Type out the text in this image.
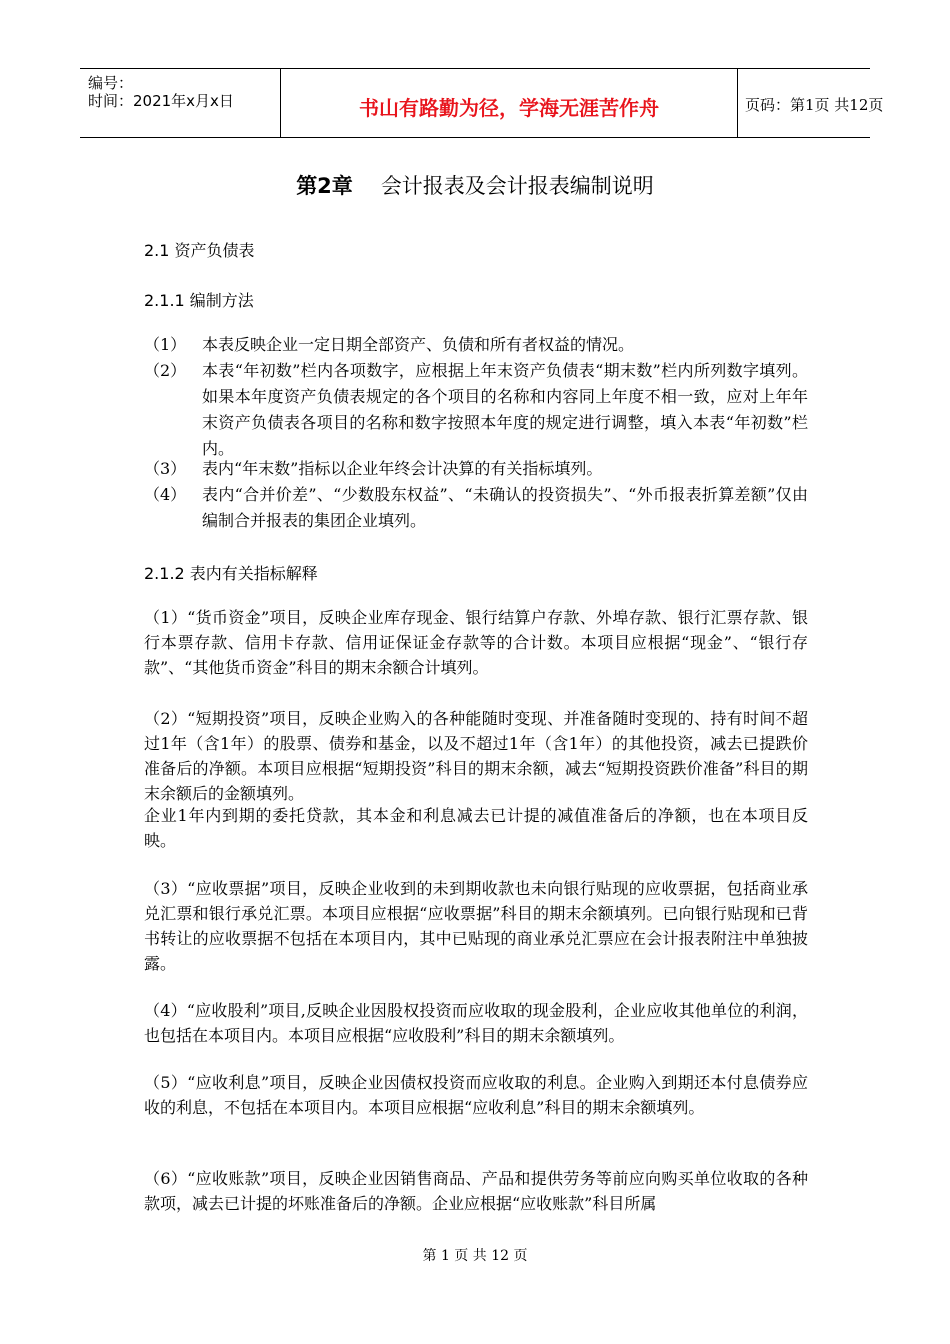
编号：
时间：2021年x月x日	书山有路勤为径，学海无涯苦作舟	页码：第1页 共12页
第2章 会计报表及会计报表编制说明
2.1 资产负债表
2.1.1 编制方法
（1） 本表反映企业一定日期全部资产、负债和所有者权益的情况。
（2） 本表“年初数”栏内各项数字，应根据上年末资产负债表“期末数”栏内所列数字填列。如果本年度资产负债表规定的各个项目的名称和内容同上年度不相一致，应对上年年末资产负债表各项目的名称和数字按照本年度的规定进行调整，填入本表“年初数”栏内。
（3） 表内“年末数”指标以企业年终会计决算的有关指标填列。
（4） 表内“合并价差”、“少数股东权益”、“未确认的投资损失”、“外币报表折算差额”仅由编制合并报表的集团企业填列。
2.1.2 表内有关指标解释
（1）“货币资金”项目，反映企业库存现金、银行结算户存款、外埠存款、银行汇票存款、银行本票存款、信用卡存款、信用证保证金存款等的合计数。本项目应根据“现金”、“银行存款”、“其他货币资金”科目的期末余额合计填列。
（2）“短期投资”项目，反映企业购入的各种能随时变现、并准备随时变现的、持有时间不超过1年（含1年）的股票、债券和基金，以及不超过1年（含1年）的其他投资，减去已提跌价准备后的净额。本项目应根据“短期投资”科目的期末余额，减去“短期投资跌价准备”科目的期末余额后的金额填列。
企业1年内到期的委托贷款，其本金和利息减去已计提的减值准备后的净额，也在本项目反映。
（3）“应收票据”项目，反映企业收到的未到期收款也未向银行贴现的应收票据，包括商业承兑汇票和银行承兑汇票。本项目应根据“应收票据”科目的期末余额填列。已向银行贴现和已背书转让的应收票据不包括在本项目内，其中已贴现的商业承兑汇票应在会计报表附注中单独披露。
（4）“应收股利”项目,反映企业因股权投资而应收取的现金股利，企业应收其他单位的利润，也包括在本项目内。本项目应根据“应收股利”科目的期末余额填列。
（5）“应收利息”项目，反映企业因债权投资而应收取的利息。企业购入到期还本付息债券应收的利息，不包括在本项目内。本项目应根据“应收利息”科目的期末余额填列。
（6）“应收账款”项目，反映企业因销售商品、产品和提供劳务等前应向购买单位收取的各种款项，减去已计提的坏账准备后的净额。企业应根据“应收账款”科目所属
第 1 页 共 12 页
